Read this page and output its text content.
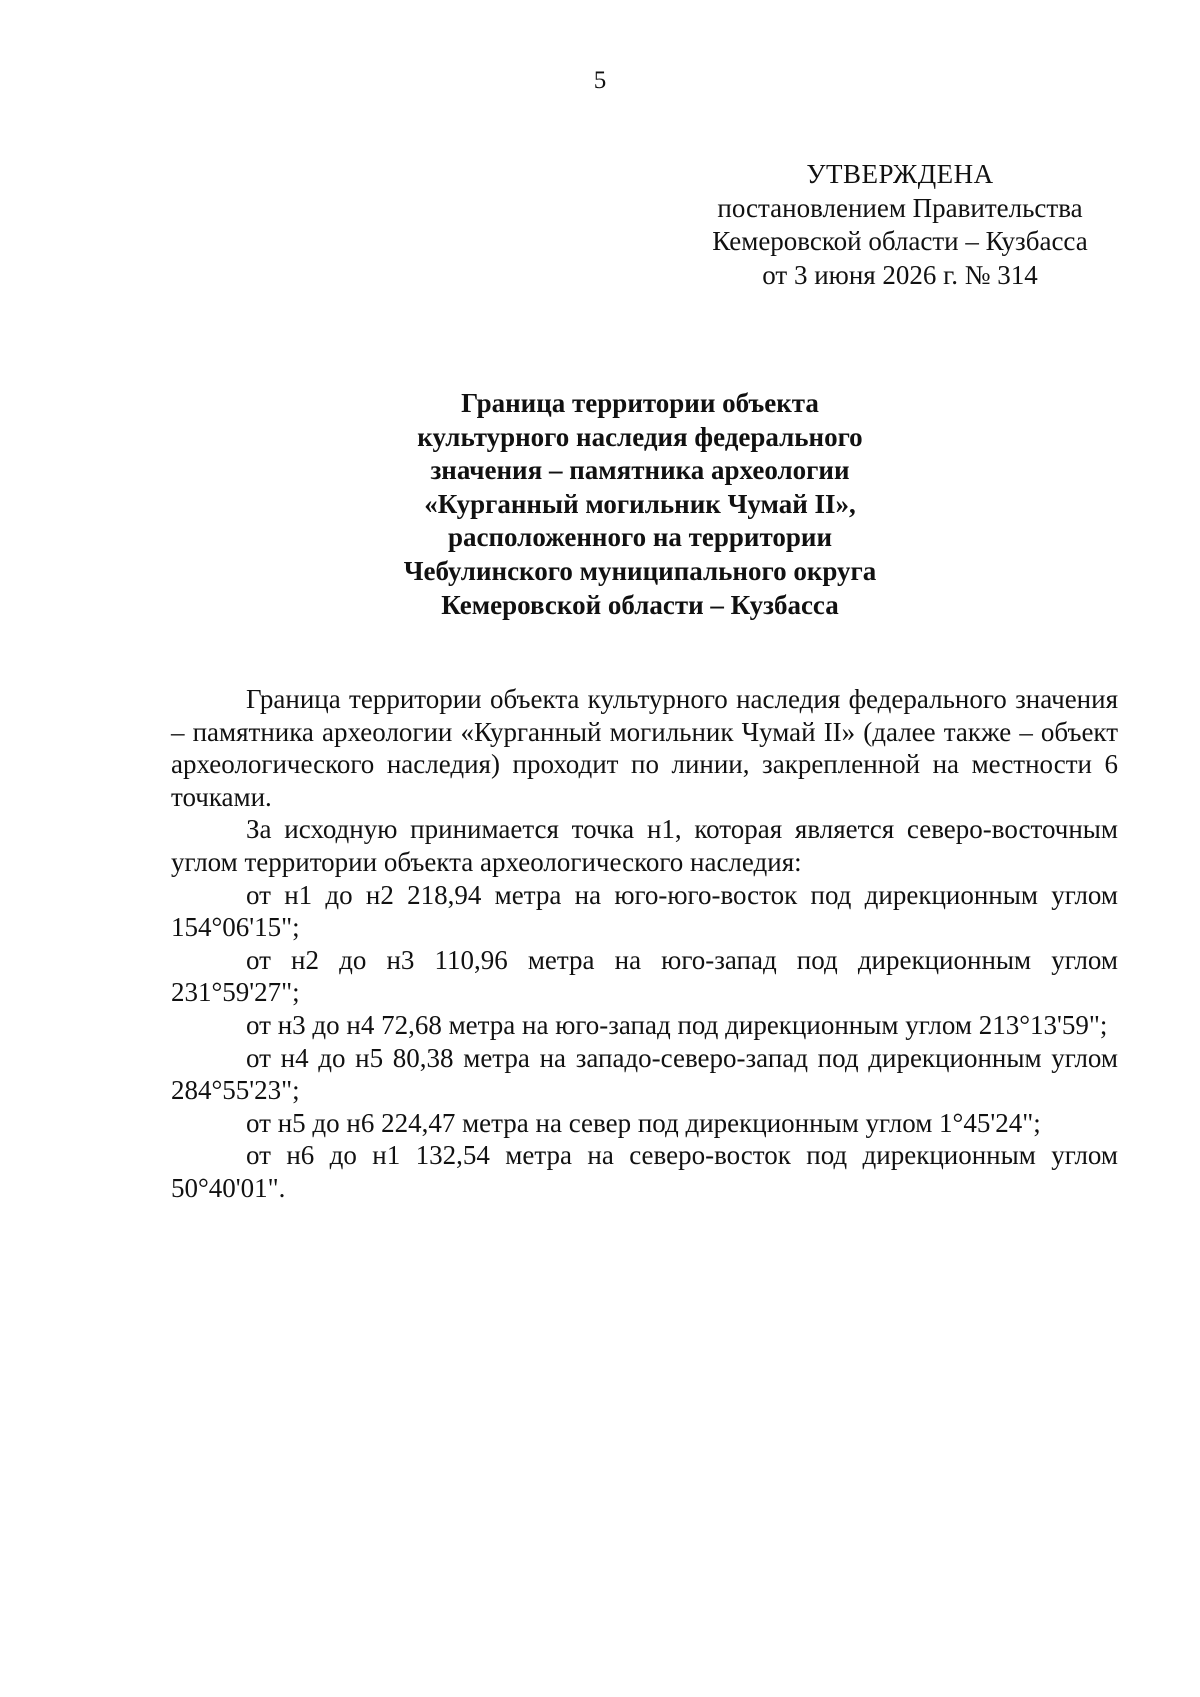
5
УТВЕРЖДЕНА
постановлением Правительства
Кемеровской области – Кузбасса
от 3 июня 2026 г. № 314
Граница территории объекта
культурного наследия федерального
значения – памятника археологии
«Курганный могильник Чумай II»,
расположенного на территории
Чебулинского муниципального округа
Кемеровской области – Кузбасса

Граница территории объекта культурного наследия федерального значения – памятника археологии «Курганный могильник Чумай II» (далее также – объект археологического наследия) проходит по линии, закрепленной на местности 6 точками.

За исходную принимается точка н1, которая является северо-восточным углом территории объекта археологического наследия:

от н1 до н2 218,94 метра на юго-юго-восток под дирекционным углом 154°06'15";

от н2 до н3 110,96 метра на юго-запад под дирекционным углом 231°59'27";

от н3 до н4 72,68 метра на юго-запад под дирекционным углом 213°13'59";

от н4 до н5 80,38 метра на западо-северо-запад под дирекционным углом 284°55'23";

от н5 до н6 224,47 метра на север под дирекционным углом 1°45'24";

от н6 до н1 132,54 метра на северо-восток под дирекционным углом 50°40'01".
